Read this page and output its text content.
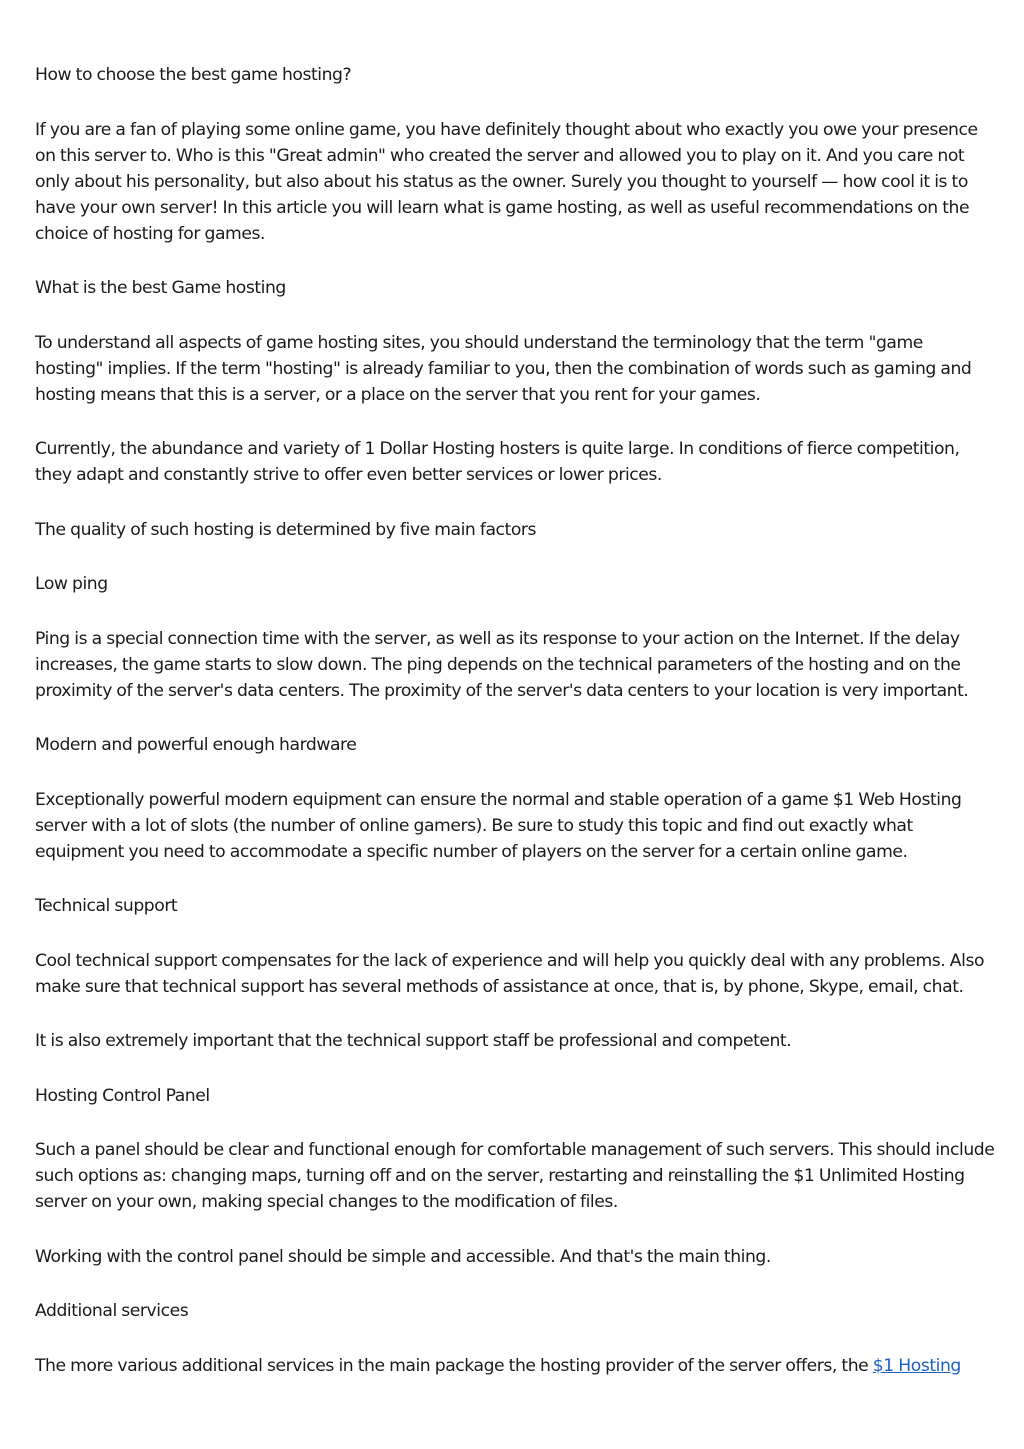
How to choose the best game hosting?

If you are a fan of playing some online game, you have definitely thought about who exactly you owe your presence on this server to. Who is this "Great admin" who created the server and allowed you to play on it. And you care not only about his personality, but also about his status as the owner. Surely you thought to yourself — how cool it is to have your own server! In this article you will learn what is game hosting, as well as useful recommendations on the choice of hosting for games.

What is the best Game hosting

To understand all aspects of game hosting sites, you should understand the terminology that the term "game hosting" implies. If the term "hosting" is already familiar to you, then the combination of words such as gaming and hosting means that this is a server, or a place on the server that you rent for your games.

Currently, the abundance and variety of 1 Dollar Hosting hosters is quite large. In conditions of fierce competition, they adapt and constantly strive to offer even better services or lower prices.

The quality of such hosting is determined by five main factors

Low ping

Ping is a special connection time with the server, as well as its response to your action on the Internet. If the delay increases, the game starts to slow down. The ping depends on the technical parameters of the hosting and on the proximity of the server's data centers. The proximity of the server's data centers to your location is very important.

Modern and powerful enough hardware

Exceptionally powerful modern equipment can ensure the normal and stable operation of a game $1 Web Hosting server with a lot of slots (the number of online gamers). Be sure to study this topic and find out exactly what equipment you need to accommodate a specific number of players on the server for a certain online game.

Technical support

Cool technical support compensates for the lack of experience and will help you quickly deal with any problems. Also make sure that technical support has several methods of assistance at once, that is, by phone, Skype, email, chat.

It is also extremely important that the technical support staff be professional and competent.

Hosting Control Panel

Such a panel should be clear and functional enough for comfortable management of such servers. This should include such options as: changing maps, turning off and on the server, restarting and reinstalling the $1 Unlimited Hosting server on your own, making special changes to the modification of files.

Working with the control panel should be simple and accessible. And that's the main thing.

Additional services

The more various additional services in the main package the hosting provider of the server offers, the $1 Hosting
